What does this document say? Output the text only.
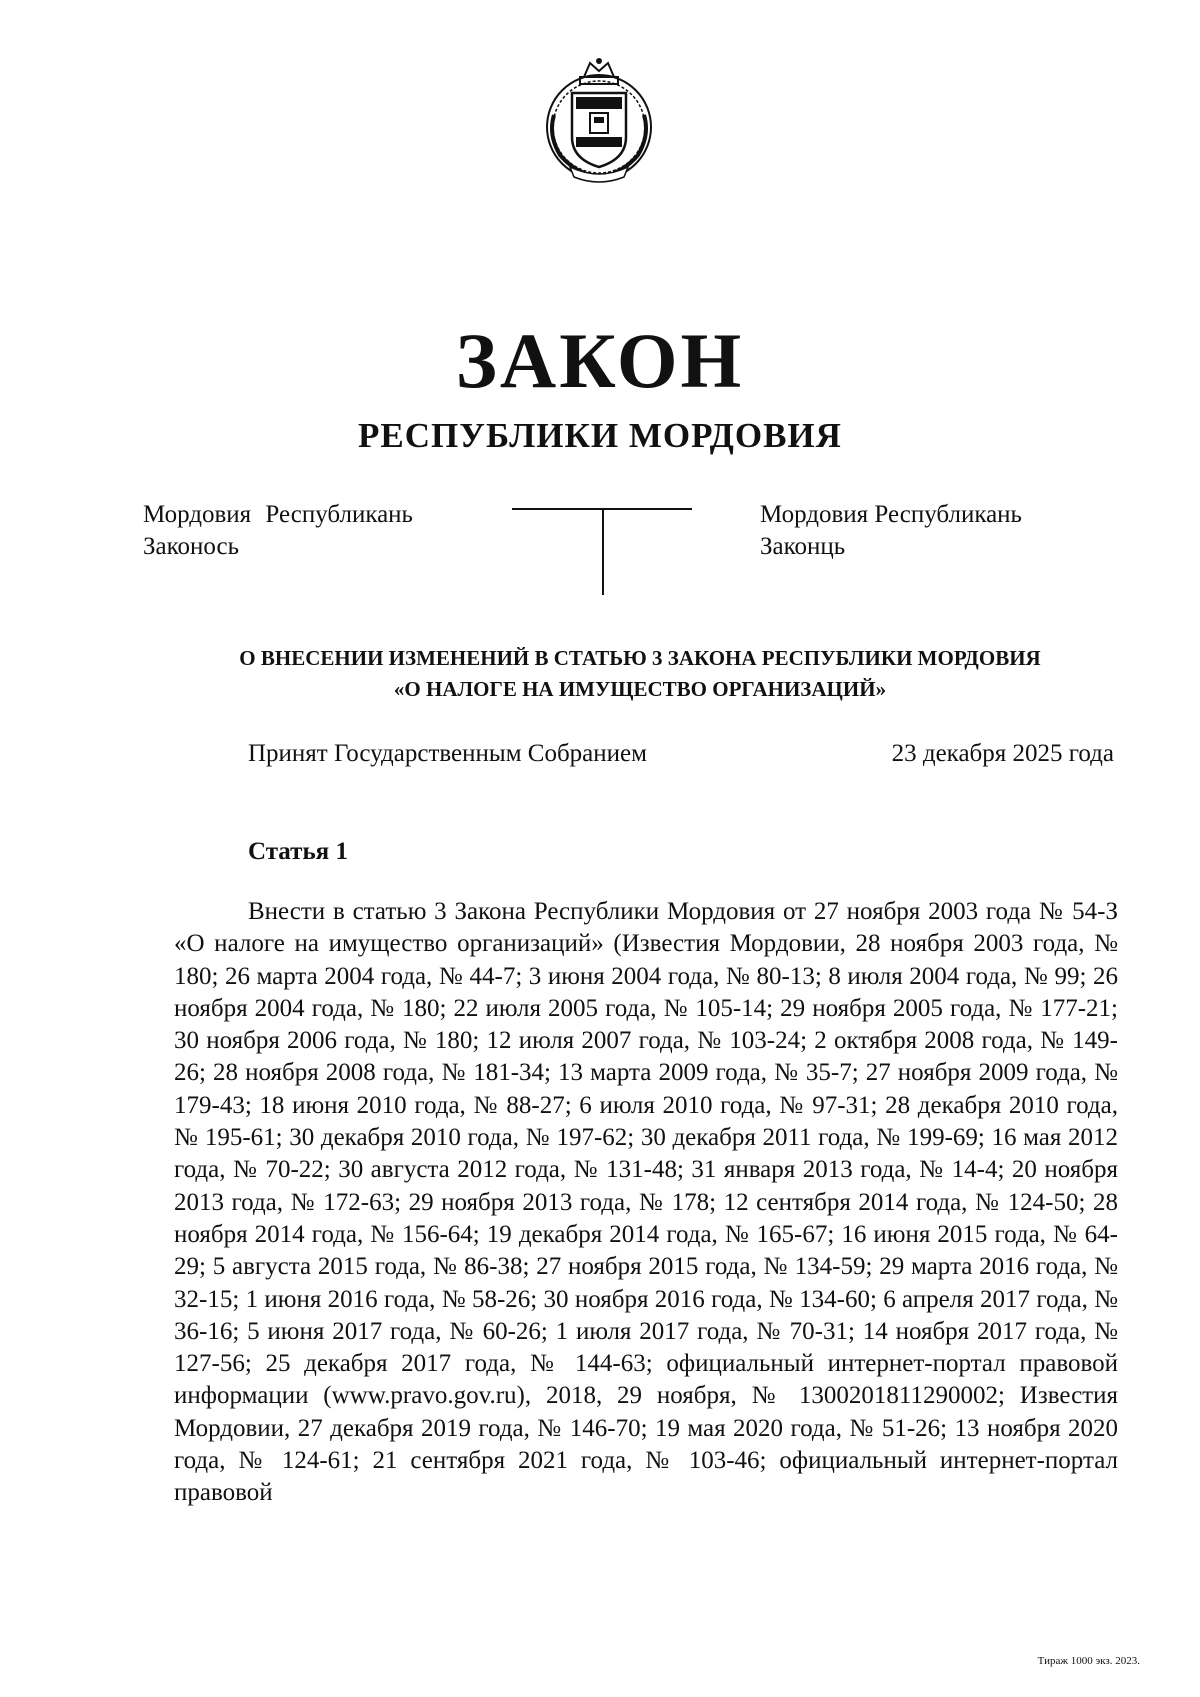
ЗАКОН
РЕСПУБЛИКИ МОРДОВИЯ
Мордовия Республикань
Законось
Мордовия Республикань
Законць
О ВНЕСЕНИИ ИЗМЕНЕНИЙ В СТАТЬЮ 3 ЗАКОНА РЕСПУБЛИКИ МОРДОВИЯ
«О НАЛОГЕ НА ИМУЩЕСТВО ОРГАНИЗАЦИЙ»
Принят Государственным Собранием	23 декабря 2025 года
Статья 1

Внести в статью 3 Закона Республики Мордовия от 27 ноября 2003 года № 54-З «О налоге на имущество организаций» (Известия Мордовии, 28 ноября 2003 года, № 180; 26 марта 2004 года, № 44-7; 3 июня 2004 года, № 80-13; 8 июля 2004 года, № 99; 26 ноября 2004 года, № 180; 22 июля 2005 года, № 105-14; 29 ноября 2005 года, № 177-21; 30 ноября 2006 года, № 180; 12 июля 2007 года, № 103-24; 2 октября 2008 года, № 149-26; 28 ноября 2008 года, № 181-34; 13 марта 2009 года, № 35-7; 27 ноября 2009 года, № 179-43; 18 июня 2010 года, № 88-27; 6 июля 2010 года, № 97-31; 28 декабря 2010 года, № 195-61; 30 декабря 2010 года, № 197-62; 30 декабря 2011 года, № 199-69; 16 мая 2012 года, № 70-22; 30 августа 2012 года, № 131-48; 31 января 2013 года, № 14-4; 20 ноября 2013 года, № 172-63; 29 ноября 2013 года, № 178; 12 сентября 2014 года, № 124-50; 28 ноября 2014 года, № 156-64; 19 декабря 2014 года, № 165-67; 16 июня 2015 года, № 64-29; 5 августа 2015 года, № 86-38; 27 ноября 2015 года, № 134-59; 29 марта 2016 года, № 32-15; 1 июня 2016 года, № 58-26; 30 ноября 2016 года, № 134-60; 6 апреля 2017 года, № 36-16; 5 июня 2017 года, № 60-26; 1 июля 2017 года, № 70-31; 14 ноября 2017 года, № 127-56; 25 декабря 2017 года, № 144-63; официальный интернет-портал правовой информации (www.pravo.gov.ru), 2018, 29 ноября, № 1300201811290002; Известия Мордовии, 27 декабря 2019 года, № 146-70; 19 мая 2020 года, № 51-26; 13 ноября 2020 года, № 124-61; 21 сентября 2021 года, № 103-46; официальный интернет-портал правовой

Тираж 1000 экз. 2023.
